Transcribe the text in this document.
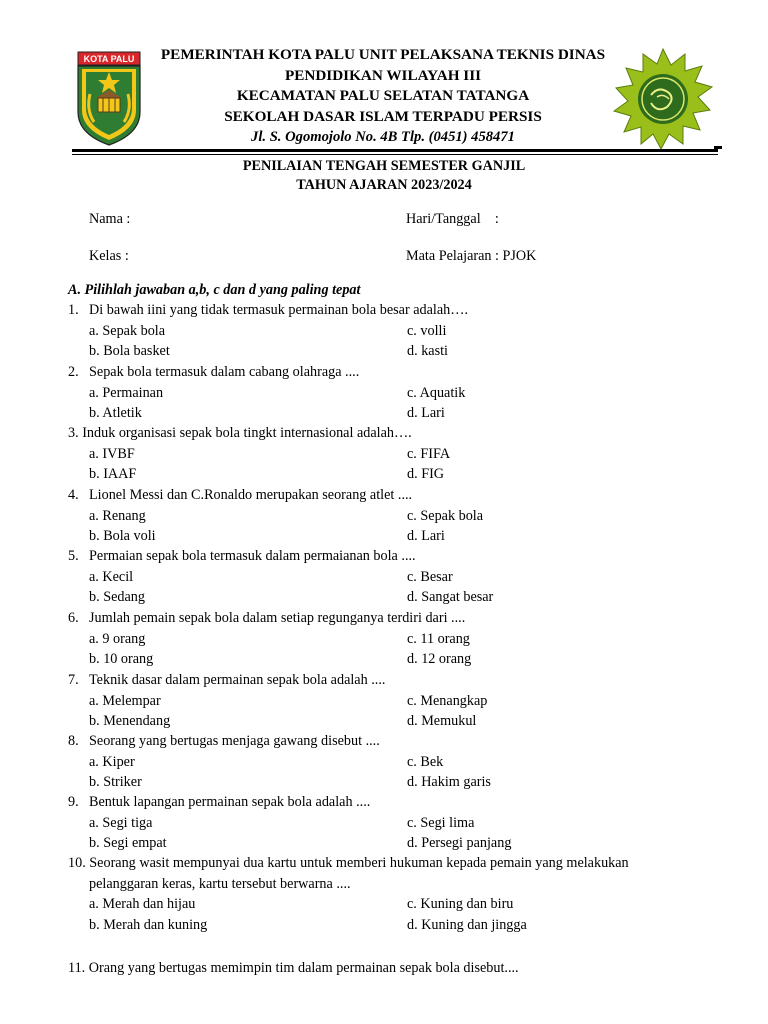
KOTA PALU	PEMERINTAH KOTA PALU UNIT PELAKSANA TEKNIS DINAS
PENDIDIKAN WILAYAH III
KECAMATAN PALU SELATAN TATANGA
SEKOLAH DASAR ISLAM TERPADU PERSIS
Jl. S. Ogomojolo No. 4B Tlp. (0451) 458471
PENILAIAN TENGAH SEMESTER GANJIL
TAHUN AJARAN 2023/2024
Nama :	Hari/Tanggal    :
Kelas :	Mata Pelajaran : PJOK
A. Pilihlah jawaban a,b, c dan d yang paling tepat
1. Di bawah iini yang tidak termasuk permainan bola besar adalah….
a. Sepak bola	c. volli
b. Bola basket	d. kasti
2. Sepak bola termasuk dalam cabang olahraga ....
a. Permainan	c. Aquatik
b. Atletik	d. Lari
3. Induk organisasi sepak bola tingkt internasional adalah….
a. IVBF	c. FIFA
b. IAAF	d. FIG
4. Lionel Messi dan C.Ronaldo merupakan seorang atlet ....
a. Renang	c. Sepak bola
b. Bola voli	d. Lari
5. Permaian sepak bola termasuk dalam permaianan bola ....
a. Kecil	c. Besar
b. Sedang	d. Sangat besar
6. Jumlah pemain sepak bola dalam setiap regunganya terdiri dari ....
a. 9 orang	c. 11 orang
b. 10 orang	d. 12 orang
7. Teknik dasar dalam permainan sepak bola adalah ....
a. Melempar	c. Menangkap
b. Menendang	d. Memukul
8. Seorang yang bertugas menjaga gawang disebut ....
a. Kiper	c. Bek
b. Striker	d. Hakim garis
9. Bentuk lapangan permainan sepak bola adalah ....
a. Segi tiga	c. Segi lima
b. Segi empat	d. Persegi panjang
10. Seorang wasit mempunyai dua kartu untuk memberi hukuman kepada pemain yang melakukan
pelanggaran keras, kartu tersebut berwarna ....
a. Merah dan hijau	c. Kuning dan biru
b. Merah dan kuning	d. Kuning dan jingga
11. Orang yang bertugas memimpin tim dalam permainan sepak bola disebut....
